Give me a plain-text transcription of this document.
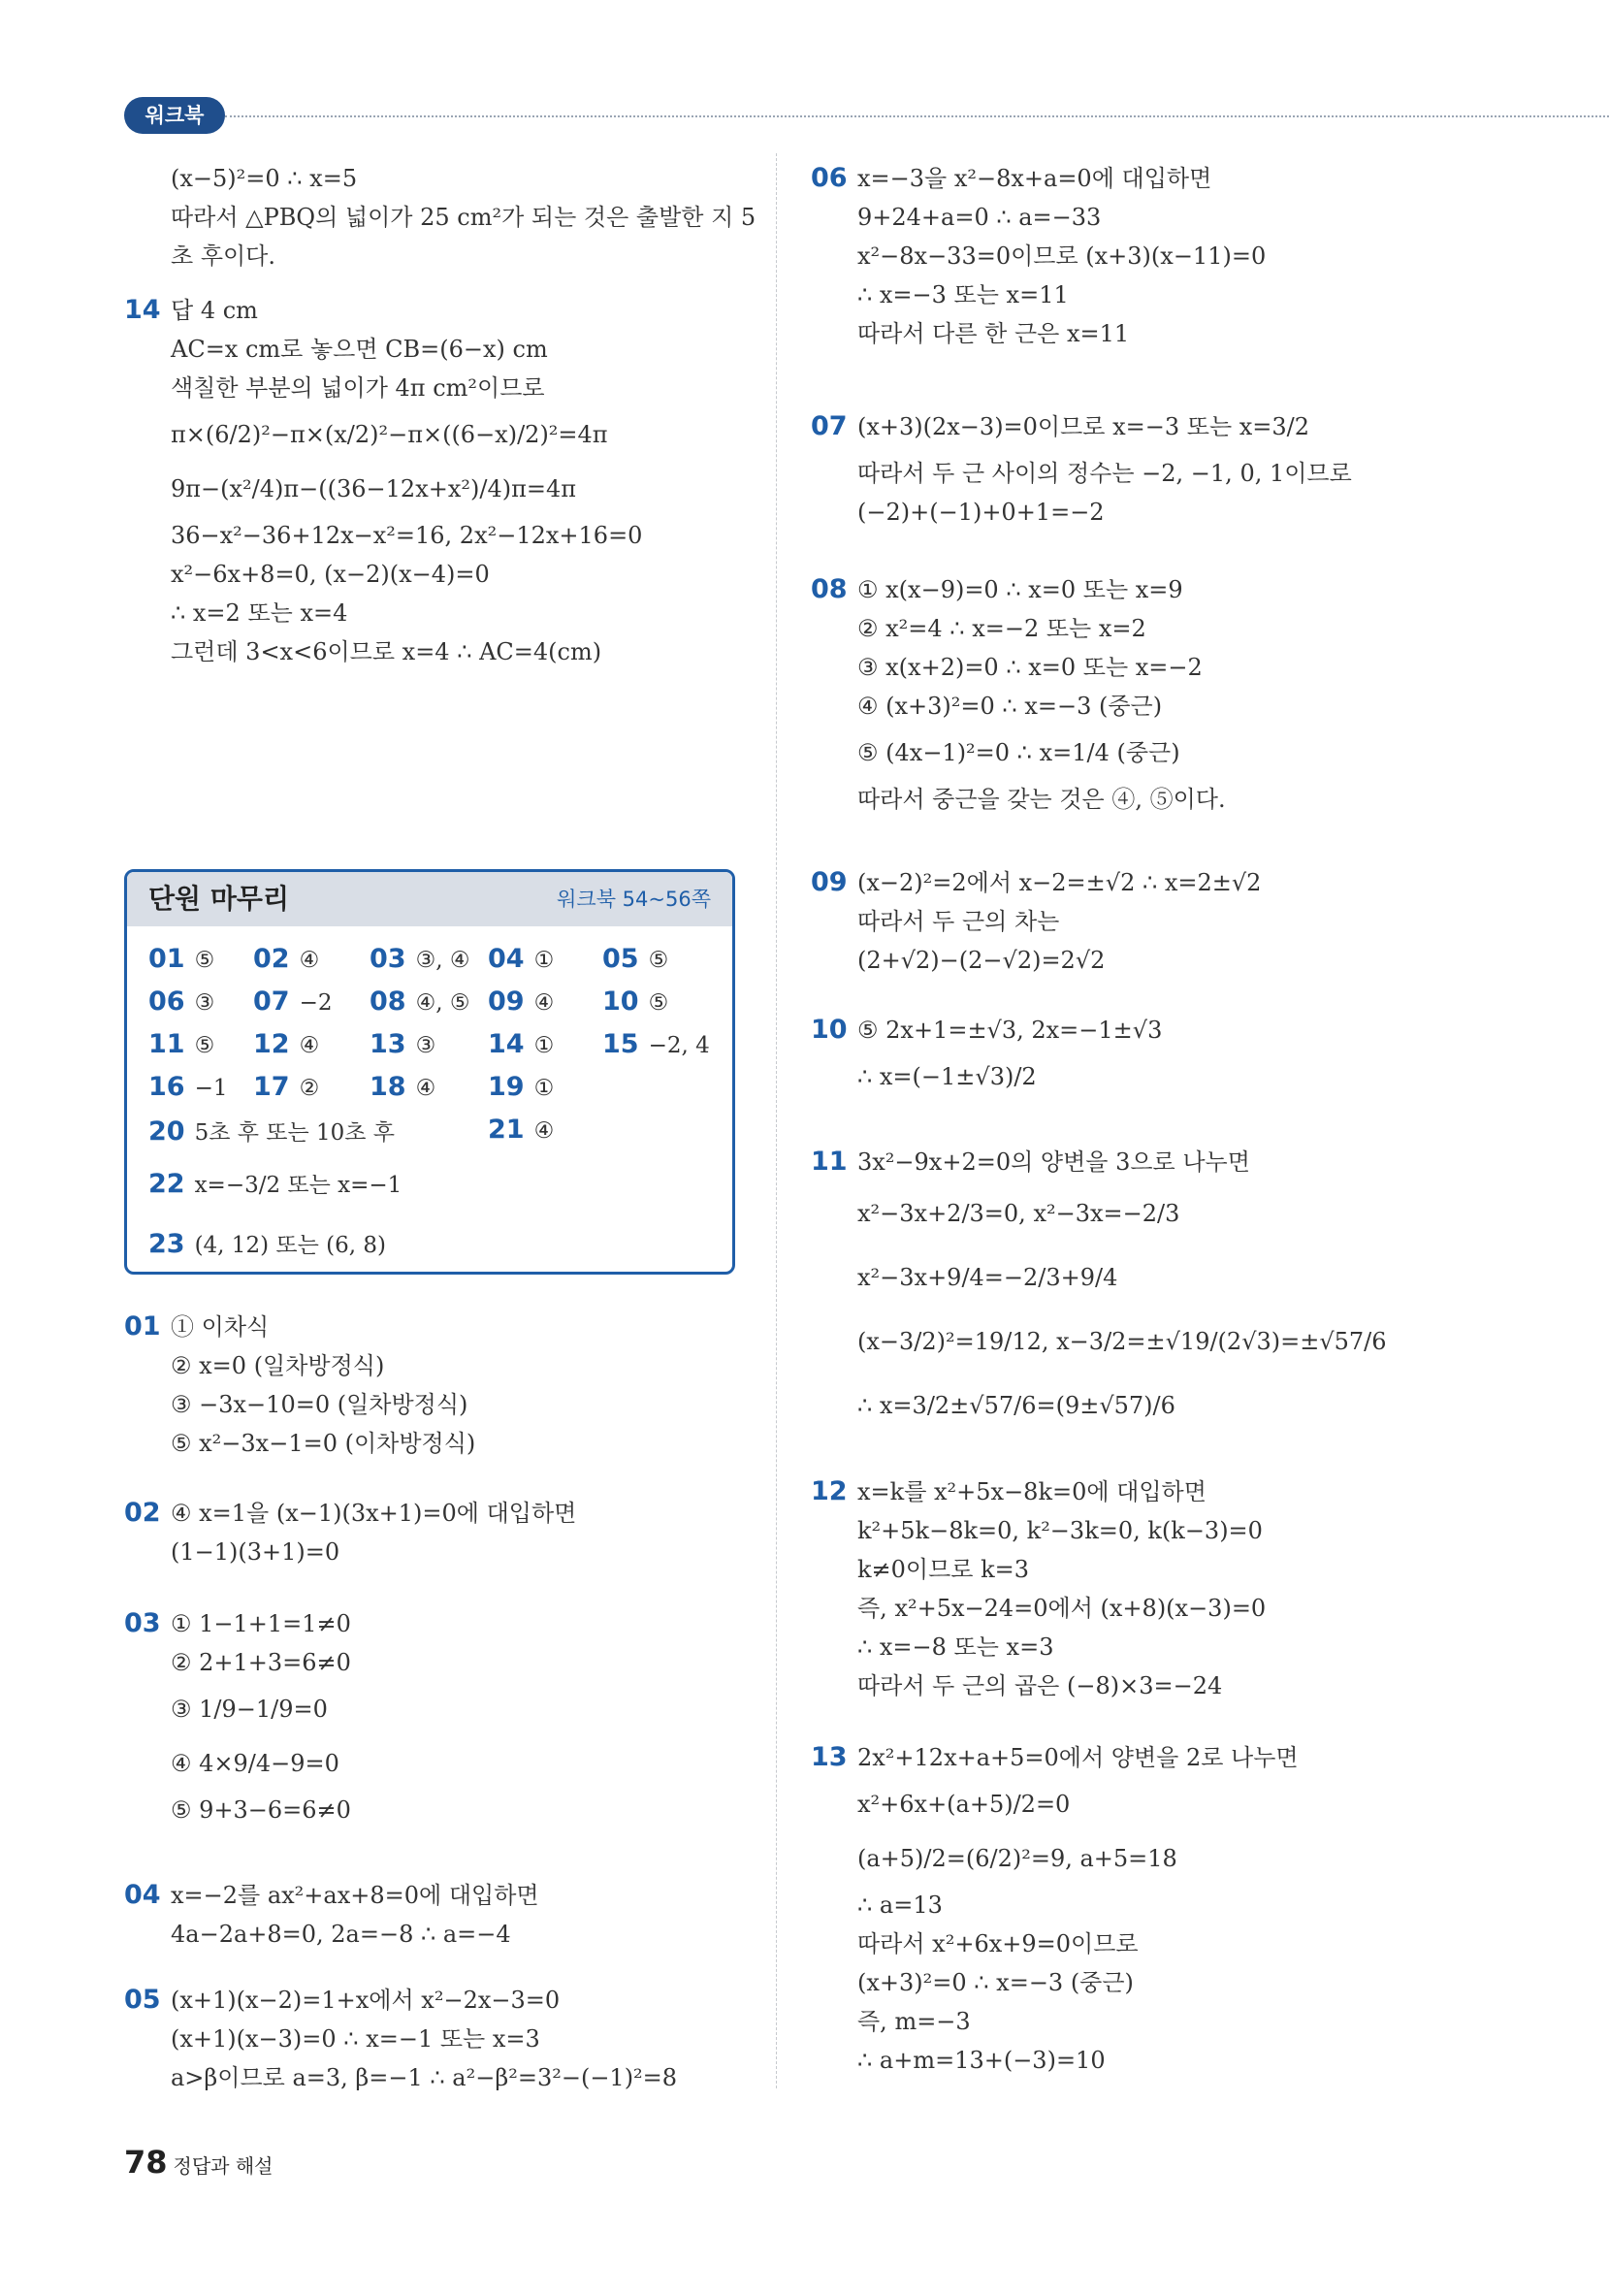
워크북
(x−5)²=0 ∴ x=5
따라서 △PBQ의 넓이가 25 cm²가 되는 것은 출발한 지 5
초 후이다.
14 답 4 cm
AC=x cm로 놓으면 CB=(6−x) cm
색칠한 부분의 넓이가 4π cm²이므로
π×(6/2)²−π×(x/2)²−π×((6−x)/2)²=4π
9π−(x²/4)π−((36−12x+x²)/4)π=4π
36−x²−36+12x−x²=16, 2x²−12x+16=0
x²−6x+8=0, (x−2)(x−4)=0
∴ x=2 또는 x=4
그런데 3<x<6이므로 x=4 ∴ AC=4(cm)
단원 마무리	워크북 54~56쪽
01 ⑤ 02 ④ 03 ③, ④ 04 ① 05 ⑤
06 ③ 07 −2 08 ④, ⑤ 09 ④ 10 ⑤
11 ⑤ 12 ④ 13 ③ 14 ① 15 −2, 4
16 −1 17 ② 18 ④ 19 ①
20 5초 후 또는 10초 후	21 ④
22 x=−3/2 또는 x=−1
23 (4, 12) 또는 (6, 8)
01 ① 이차식
② x=0 (일차방정식)
③ −3x−10=0 (일차방정식)
⑤ x²−3x−1=0 (이차방정식)
02 ④ x=1을 (x−1)(3x+1)=0에 대입하면
(1−1)(3+1)=0
03 ① 1−1+1=1≠0
② 2+1+3=6≠0
③ 1/9−1/9=0
④ 4×9/4−9=0
⑤ 9+3−6=6≠0
04 x=−2를 ax²+ax+8=0에 대입하면
4a−2a+8=0, 2a=−8 ∴ a=−4
05 (x+1)(x−2)=1+x에서 x²−2x−3=0
(x+1)(x−3)=0 ∴ x=−1 또는 x=3
a>β이므로 a=3, β=−1 ∴ a²−β²=3²−(−1)²=8
06 x=−3을 x²−8x+a=0에 대입하면
9+24+a=0 ∴ a=−33
x²−8x−33=0이므로 (x+3)(x−11)=0
∴ x=−3 또는 x=11
따라서 다른 한 근은 x=11
07 (x+3)(2x−3)=0이므로 x=−3 또는 x=3/2
따라서 두 근 사이의 정수는 −2, −1, 0, 1이므로
(−2)+(−1)+0+1=−2
08 ① x(x−9)=0 ∴ x=0 또는 x=9
② x²=4 ∴ x=−2 또는 x=2
③ x(x+2)=0 ∴ x=0 또는 x=−2
④ (x+3)²=0 ∴ x=−3 (중근)
⑤ (4x−1)²=0 ∴ x=1/4 (중근)
따라서 중근을 갖는 것은 ④, ⑤이다.
09 (x−2)²=2에서 x−2=±√2 ∴ x=2±√2
따라서 두 근의 차는
(2+√2)−(2−√2)=2√2
10 ⑤ 2x+1=±√3, 2x=−1±√3
∴ x=(−1±√3)/2
11 3x²−9x+2=0의 양변을 3으로 나누면
x²−3x+2/3=0, x²−3x=−2/3
x²−3x+9/4=−2/3+9/4
(x−3/2)²=19/12, x−3/2=±√19/(2√3)=±√57/6
∴ x=3/2±√57/6=(9±√57)/6
12 x=k를 x²+5x−8k=0에 대입하면
k²+5k−8k=0, k²−3k=0, k(k−3)=0
k≠0이므로 k=3
즉, x²+5x−24=0에서 (x+8)(x−3)=0
∴ x=−8 또는 x=3
따라서 두 근의 곱은 (−8)×3=−24
13 2x²+12x+a+5=0에서 양변을 2로 나누면
x²+6x+(a+5)/2=0
(a+5)/2=(6/2)²=9, a+5=18
∴ a=13
따라서 x²+6x+9=0이므로
(x+3)²=0 ∴ x=−3 (중근)
즉, m=−3
∴ a+m=13+(−3)=10
78 정답과 해설
